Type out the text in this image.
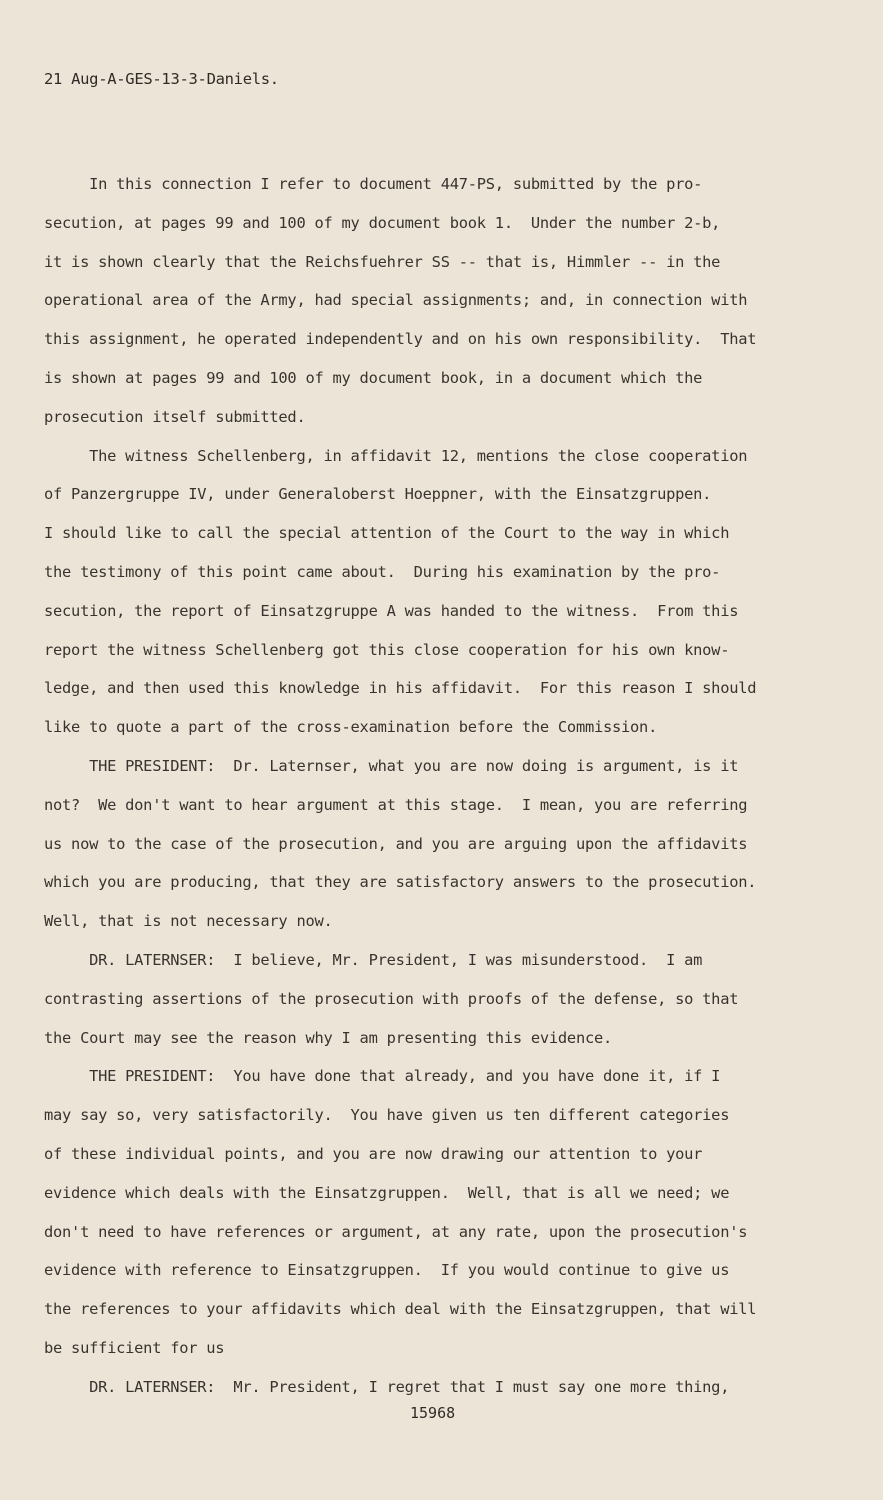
21 Aug-A-GES-13-3-Daniels.
In this connection I refer to document 447-PS, submitted by the pro-
secution, at pages 99 and 100 of my document book 1.  Under the number 2-b,
it is shown clearly that the Reichsfuehrer SS -- that is, Himmler -- in the
operational area of the Army, had special assignments; and, in connection with
this assignment, he operated independently and on his own responsibility.  That
is shown at pages 99 and 100 of my document book, in a document which the
prosecution itself submitted.
The witness Schellenberg, in affidavit 12, mentions the close cooperation
of Panzergruppe IV, under Generaloberst Hoeppner, with the Einsatzgruppen.
I should like to call the special attention of the Court to the way in which
the testimony of this point came about.  During his examination by the pro-
secution, the report of Einsatzgruppe A was handed to the witness.  From this
report the witness Schellenberg got this close cooperation for his own know-
ledge, and then used this knowledge in his affidavit.  For this reason I should
like to quote a part of the cross-examination before the Commission.
THE PRESIDENT:  Dr. Laternser, what you are now doing is argument, is it
not?  We don't want to hear argument at this stage.  I mean, you are referring
us now to the case of the prosecution, and you are arguing upon the affidavits
which you are producing, that they are satisfactory answers to the prosecution.
Well, that is not necessary now.
DR. LATERNSER:  I believe, Mr. President, I was misunderstood.  I am
contrasting assertions of the prosecution with proofs of the defense, so that
the Court may see the reason why I am presenting this evidence.
THE PRESIDENT:  You have done that already, and you have done it, if I
may say so, very satisfactorily.  You have given us ten different categories
of these individual points, and you are now drawing our attention to your
evidence which deals with the Einsatzgruppen.  Well, that is all we need; we
don't need to have references or argument, at any rate, upon the prosecution's
evidence with reference to Einsatzgruppen.  If you would continue to give us
the references to your affidavits which deal with the Einsatzgruppen, that will
be sufficient for us
DR. LATERNSER:  Mr. President, I regret that I must say one more thing,
15968
